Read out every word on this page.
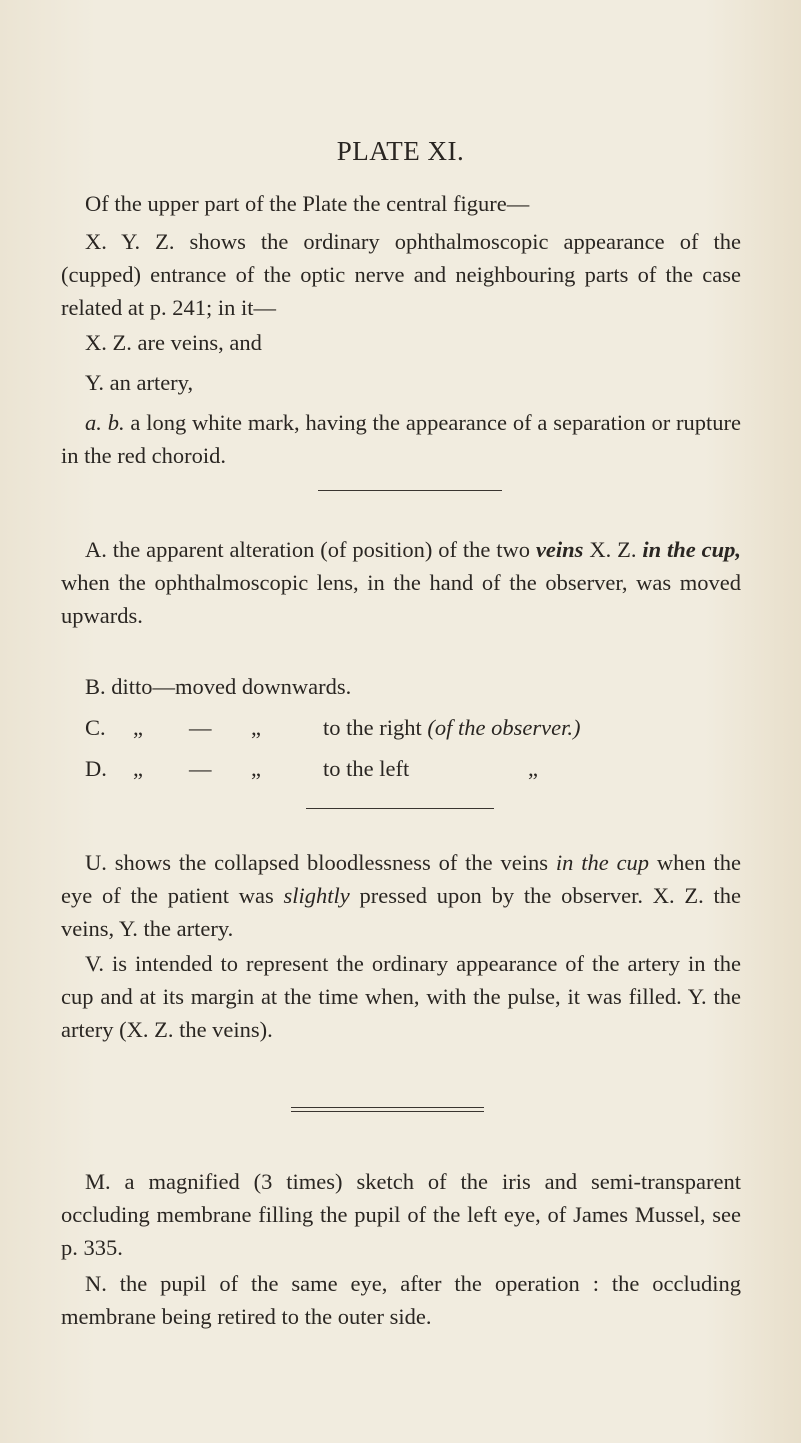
PLATE XI.

Of the upper part of the Plate the central figure—

X. Y. Z. shows the ordinary ophthalmoscopic appearance of the (cupped) entrance of the optic nerve and neighbouring parts of the case related at p. 241; in it—

X. Z. are veins, and

Y. an artery,

a. b. a long white mark, having the appearance of a separation or rupture in the red choroid.

A. the apparent alteration (of position) of the two veins X. Z. in the cup, when the ophthalmoscopic lens, in the hand of the observer, was moved upwards.

B. ditto—moved downwards.

C. „ — „	to the right (of the observer.)
D. „ — „	to the left	„

U. shows the collapsed bloodlessness of the veins in the cup when the eye of the patient was slightly pressed upon by the observer. X. Z. the veins, Y. the artery.

V. is intended to represent the ordinary appearance of the artery in the cup and at its margin at the time when, with the pulse, it was filled. Y. the artery (X. Z. the veins).

M. a magnified (3 times) sketch of the iris and semi-transparent occluding membrane filling the pupil of the left eye, of James Mussel, see p. 335.

N. the pupil of the same eye, after the operation : the occluding membrane being retired to the outer side.
